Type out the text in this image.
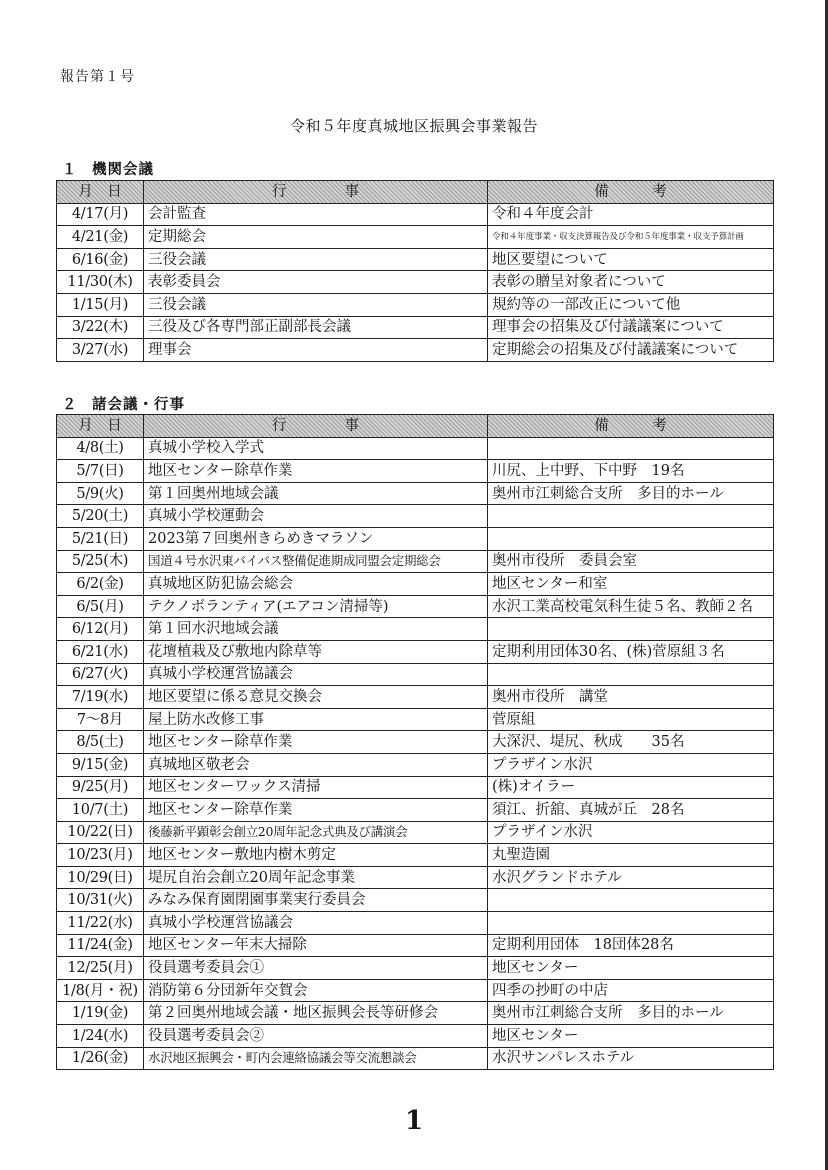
報告第１号
令和５年度真城地区振興会事業報告
１ 機関会議
月　日	行　　　　事	備　　　考
4/17(月)	会計監査	令和４年度会計
4/21(金)	定期総会	令和４年度事業・収支決算報告及び令和５年度事業・収支予算計画
6/16(金)	三役会議	地区要望について
11/30(木)	表彰委員会	表彰の贈呈対象者について
1/15(月)	三役会議	規約等の一部改正について他
3/22(木)	三役及び各専門部正副部長会議	理事会の招集及び付議議案について
3/27(水)	理事会	定期総会の招集及び付議議案について
２ 諸会議・行事
月　日	行　　　　事	備　　　考
4/8(土)	真城小学校入学式	
5/7(日)	地区センター除草作業	川尻、上中野、下中野　19名
5/9(火)	第１回奥州地域会議	奥州市江刺総合支所　多目的ホール
5/20(土)	真城小学校運動会	
5/21(日)	2023第７回奥州きらめきマラソン	
5/25(木)	国道４号水沢東バイパス整備促進期成同盟会定期総会	奥州市役所　委員会室
6/2(金)	真城地区防犯協会総会	地区センター和室
6/5(月)	テクノボランティア(エアコン清掃等)	水沢工業高校電気科生徒５名、教師２名
6/12(月)	第１回水沢地域会議	
6/21(水)	花壇植栽及び敷地内除草等	定期利用団体30名、(株)菅原組３名
6/27(火)	真城小学校運営協議会	
7/19(水)	地区要望に係る意見交換会	奥州市役所　講堂
7～8月	屋上防水改修工事	菅原組
8/5(土)	地区センター除草作業	大深沢、堤尻、秋成　　35名
9/15(金)	真城地区敬老会	プラザイン水沢
9/25(月)	地区センターワックス清掃	(株)オイラー
10/7(土)	地区センター除草作業	須江、折舘、真城が丘　28名
10/22(日)	後藤新平顕彰会創立20周年記念式典及び講演会	プラザイン水沢
10/23(月)	地区センター敷地内樹木剪定	丸聖造園
10/29(日)	堤尻自治会創立20周年記念事業	水沢グランドホテル
10/31(火)	みなみ保育園閉園事業実行委員会	
11/22(水)	真城小学校運営協議会	
11/24(金)	地区センター年末大掃除	定期利用団体　18団体28名
12/25(月)	役員選考委員会①	地区センター
1/8(月・祝)	消防第６分団新年交賀会	四季の抄町の中店
1/19(金)	第２回奥州地域会議・地区振興会長等研修会	奥州市江刺総合支所　多目的ホール
1/24(水)	役員選考委員会②	地区センター
1/26(金)	水沢地区振興会・町内会連絡協議会等交流懇談会	水沢サンパレスホテル
1
